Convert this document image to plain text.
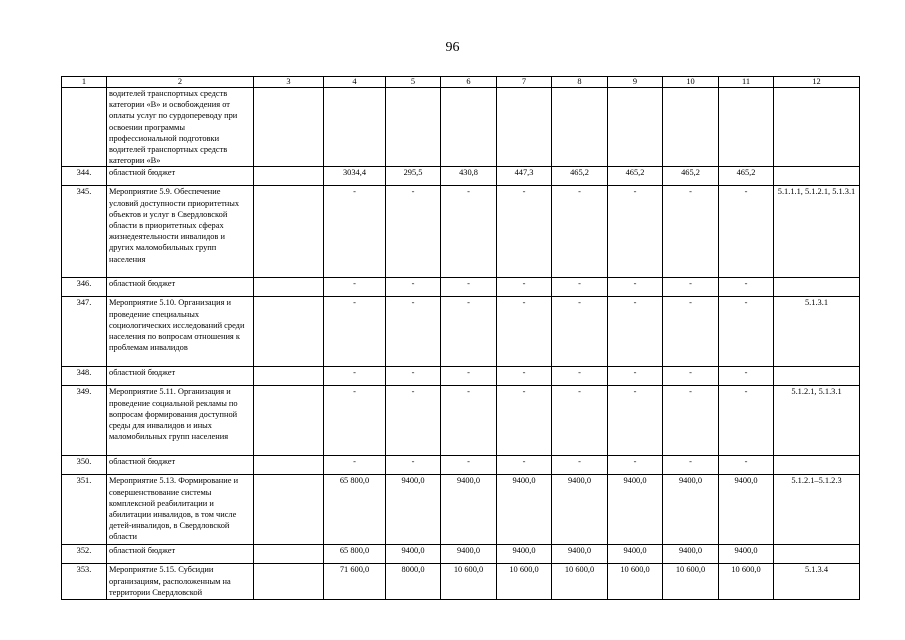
96
1	2	3	4	5	6	7	8	9	10	11	12
	водителей транспортных средств категории «В» и освобождения от оплаты услуг по сурдопереводу при освоении программы профессиональной подготовки водителей транспортных средств категории «В»										
344.	областной бюджет		3034,4	295,5	430,8	447,3	465,2	465,2	465,2	465,2	
345.	Мероприятие 5.9. Обеспечение условий доступности приоритетных объектов и услуг в Свердловской области в приоритетных сферах жизнедеятельности инвалидов и других маломобильных групп населения		-	-	-	-	-	-	-	-	5.1.1.1, 5.1.2.1, 5.1.3.1
346.	областной бюджет		-	-	-	-	-	-	-	-	
347.	Мероприятие 5.10. Организация и проведение специальных социологических исследований среди населения по вопросам отношения к проблемам инвалидов		-	-	-	-	-	-	-	-	5.1.3.1
348.	областной бюджет		-	-	-	-	-	-	-	-	
349.	Мероприятие 5.11. Организация и проведение социальной рекламы по вопросам формирования доступной среды для инвалидов и иных маломобильных групп населения		-	-	-	-	-	-	-	-	5.1.2.1, 5.1.3.1
350.	областной бюджет		-	-	-	-	-	-	-	-	
351.	Мероприятие 5.13. Формирование и совершенствование системы комплексной реабилитации и абилитации инвалидов, в том числе детей-инвалидов, в Свердловской области		65 800,0	9400,0	9400,0	9400,0	9400,0	9400,0	9400,0	9400,0	5.1.2.1–5.1.2.3
352.	областной бюджет		65 800,0	9400,0	9400,0	9400,0	9400,0	9400,0	9400,0	9400,0	
353.	Мероприятие 5.15. Субсидии организациям, расположенным на территории Свердловской		71 600,0	8000,0	10 600,0	10 600,0	10 600,0	10 600,0	10 600,0	10 600,0	5.1.3.4
